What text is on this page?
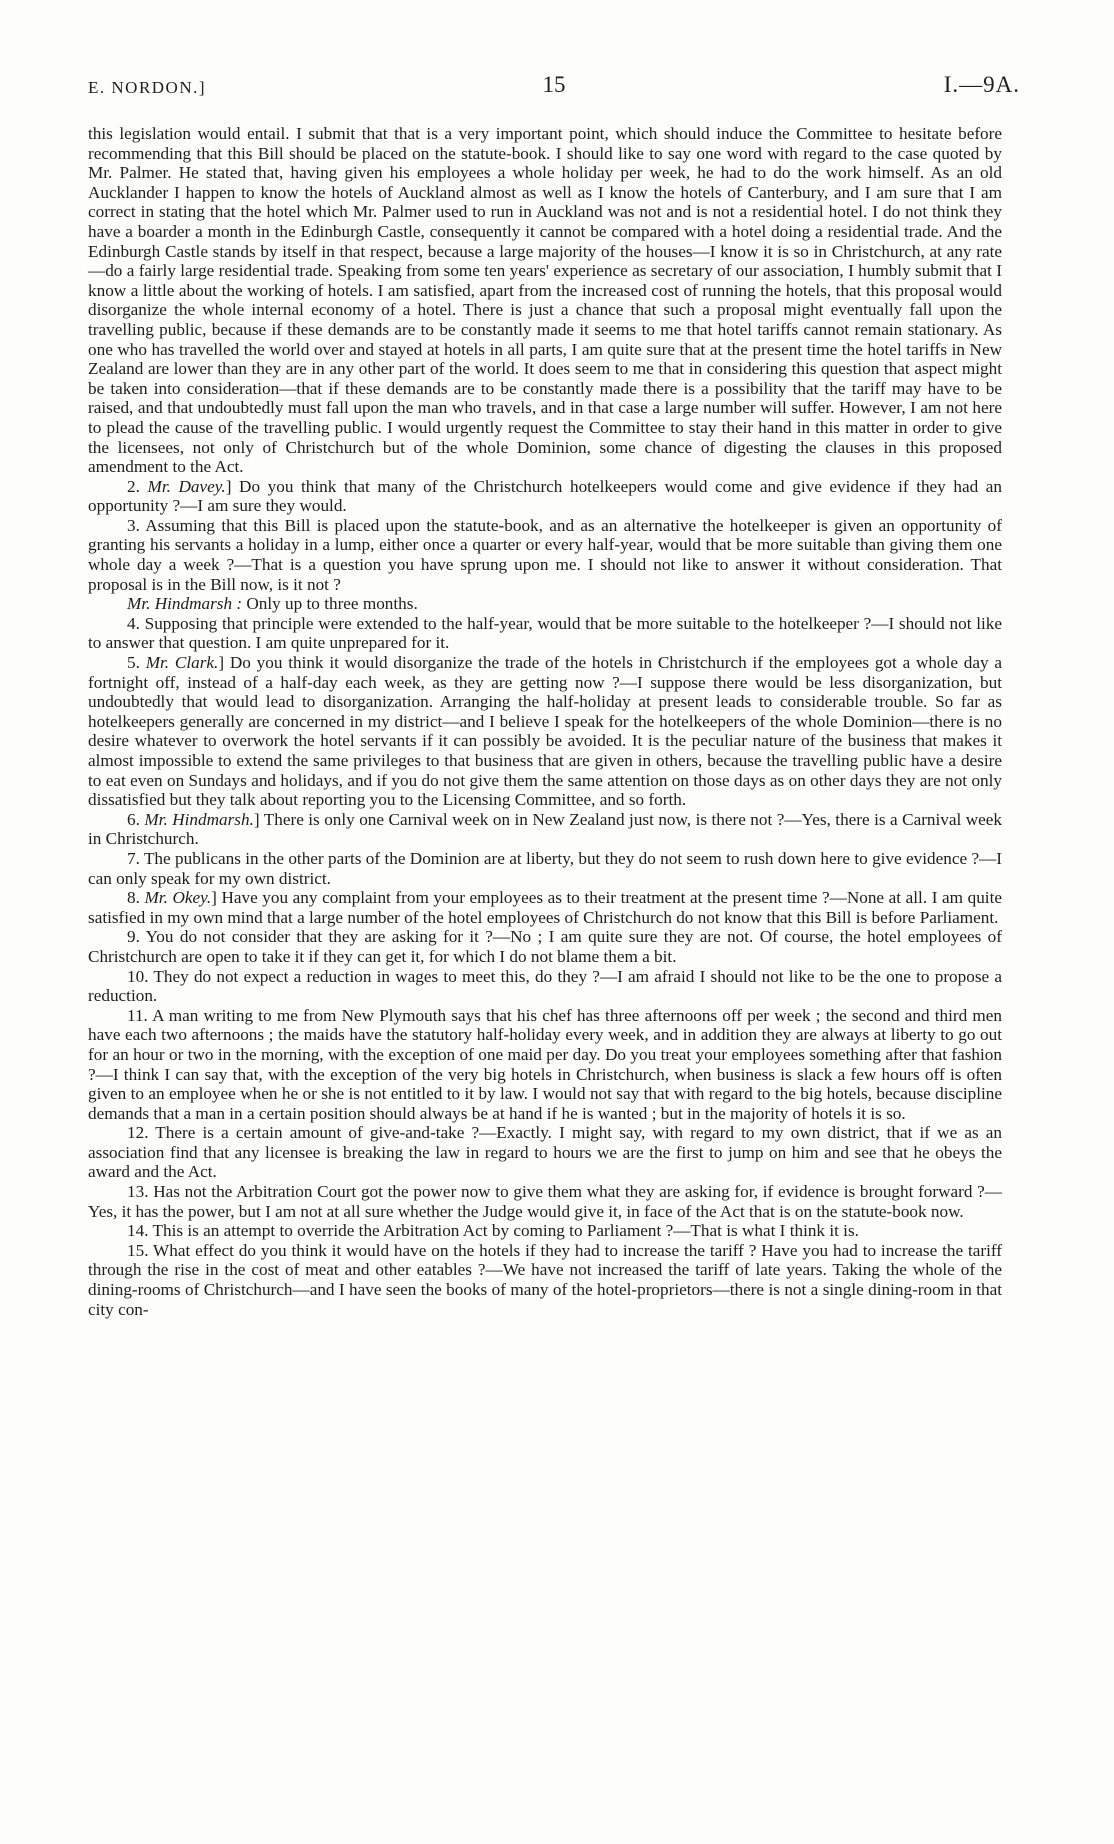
E. NORDON.]	15	I.—9A.

this legislation would entail. I submit that that is a very important point, which should induce the Committee to hesitate before recommending that this Bill should be placed on the statute-book. I should like to say one word with regard to the case quoted by Mr. Palmer. He stated that, having given his employees a whole holiday per week, he had to do the work himself. As an old Aucklander I happen to know the hotels of Auckland almost as well as I know the hotels of Canterbury, and I am sure that I am correct in stating that the hotel which Mr. Palmer used to run in Auckland was not and is not a residential hotel. I do not think they have a boarder a month in the Edinburgh Castle, consequently it cannot be compared with a hotel doing a residential trade. And the Edinburgh Castle stands by itself in that respect, because a large majority of the houses—I know it is so in Christchurch, at any rate—do a fairly large residential trade. Speaking from some ten years' experience as secretary of our association, I humbly submit that I know a little about the working of hotels. I am satisfied, apart from the increased cost of running the hotels, that this proposal would disorganize the whole internal economy of a hotel. There is just a chance that such a proposal might eventually fall upon the travelling public, because if these demands are to be constantly made it seems to me that hotel tariffs cannot remain stationary. As one who has travelled the world over and stayed at hotels in all parts, I am quite sure that at the present time the hotel tariffs in New Zealand are lower than they are in any other part of the world. It does seem to me that in considering this question that aspect might be taken into consideration—that if these demands are to be constantly made there is a possibility that the tariff may have to be raised, and that undoubtedly must fall upon the man who travels, and in that case a large number will suffer. However, I am not here to plead the cause of the travelling public. I would urgently request the Committee to stay their hand in this matter in order to give the licensees, not only of Christchurch but of the whole Dominion, some chance of digesting the clauses in this proposed amendment to the Act.

2. Mr. Davey.] Do you think that many of the Christchurch hotelkeepers would come and give evidence if they had an opportunity ?—I am sure they would.

3. Assuming that this Bill is placed upon the statute-book, and as an alternative the hotelkeeper is given an opportunity of granting his servants a holiday in a lump, either once a quarter or every half-year, would that be more suitable than giving them one whole day a week ?—That is a question you have sprung upon me. I should not like to answer it without consideration. That proposal is in the Bill now, is it not ?

Mr. Hindmarsh : Only up to three months.

4. Supposing that principle were extended to the half-year, would that be more suitable to the hotelkeeper ?—I should not like to answer that question. I am quite unprepared for it.

5. Mr. Clark.] Do you think it would disorganize the trade of the hotels in Christchurch if the employees got a whole day a fortnight off, instead of a half-day each week, as they are getting now ?—I suppose there would be less disorganization, but undoubtedly that would lead to disorganization. Arranging the half-holiday at present leads to considerable trouble. So far as hotelkeepers generally are concerned in my district—and I believe I speak for the hotelkeepers of the whole Dominion—there is no desire whatever to overwork the hotel servants if it can possibly be avoided. It is the peculiar nature of the business that makes it almost impossible to extend the same privileges to that business that are given in others, because the travelling public have a desire to eat even on Sundays and holidays, and if you do not give them the same attention on those days as on other days they are not only dissatisfied but they talk about reporting you to the Licensing Committee, and so forth.

6. Mr. Hindmarsh.] There is only one Carnival week on in New Zealand just now, is there not ?—Yes, there is a Carnival week in Christchurch.

7. The publicans in the other parts of the Dominion are at liberty, but they do not seem to rush down here to give evidence ?—I can only speak for my own district.

8. Mr. Okey.] Have you any complaint from your employees as to their treatment at the present time ?—None at all. I am quite satisfied in my own mind that a large number of the hotel employees of Christchurch do not know that this Bill is before Parliament.

9. You do not consider that they are asking for it ?—No ; I am quite sure they are not. Of course, the hotel employees of Christchurch are open to take it if they can get it, for which I do not blame them a bit.

10. They do not expect a reduction in wages to meet this, do they ?—I am afraid I should not like to be the one to propose a reduction.

11. A man writing to me from New Plymouth says that his chef has three afternoons off per week ; the second and third men have each two afternoons ; the maids have the statutory half-holiday every week, and in addition they are always at liberty to go out for an hour or two in the morning, with the exception of one maid per day. Do you treat your employees something after that fashion ?—I think I can say that, with the exception of the very big hotels in Christchurch, when business is slack a few hours off is often given to an employee when he or she is not entitled to it by law. I would not say that with regard to the big hotels, because discipline demands that a man in a certain position should always be at hand if he is wanted ; but in the majority of hotels it is so.

12. There is a certain amount of give-and-take ?—Exactly. I might say, with regard to my own district, that if we as an association find that any licensee is breaking the law in regard to hours we are the first to jump on him and see that he obeys the award and the Act.

13. Has not the Arbitration Court got the power now to give them what they are asking for, if evidence is brought forward ?—Yes, it has the power, but I am not at all sure whether the Judge would give it, in face of the Act that is on the statute-book now.

14. This is an attempt to override the Arbitration Act by coming to Parliament ?—That is what I think it is.

15. What effect do you think it would have on the hotels if they had to increase the tariff ? Have you had to increase the tariff through the rise in the cost of meat and other eatables ?—We have not increased the tariff of late years. Taking the whole of the dining-rooms of Christchurch—and I have seen the books of many of the hotel-proprietors—there is not a single dining-room in that city con-
